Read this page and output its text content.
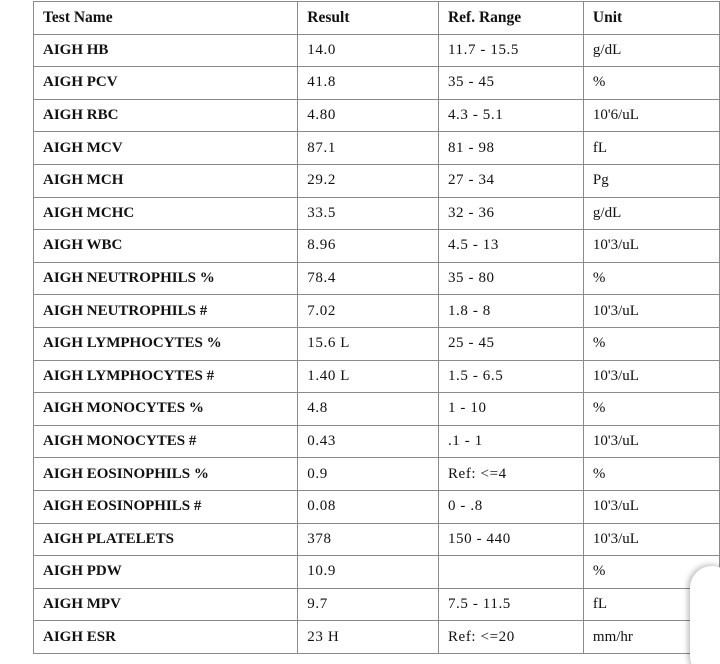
Test Name	Result	Ref. Range	Unit
AIGH HB	14.0	11.7 - 15.5	g/dL
AIGH PCV	41.8	35 - 45	%
AIGH RBC	4.80	4.3 - 5.1	10'6/uL
AIGH MCV	87.1	81 - 98	fL
AIGH MCH	29.2	27 - 34	Pg
AIGH MCHC	33.5	32 - 36	g/dL
AIGH WBC	8.96	4.5 - 13	10'3/uL
AIGH NEUTROPHILS %	78.4	35 - 80	%
AIGH NEUTROPHILS #	7.02	1.8 - 8	10'3/uL
AIGH LYMPHOCYTES %	15.6 L	25 - 45	%
AIGH LYMPHOCYTES #	1.40 L	1.5 - 6.5	10'3/uL
AIGH MONOCYTES %	4.8	1 - 10	%
AIGH MONOCYTES #	0.43	.1 - 1	10'3/uL
AIGH EOSINOPHILS %	0.9	Ref: <=4	%
AIGH EOSINOPHILS #	0.08	0 - .8	10'3/uL
AIGH PLATELETS	378	150 - 440	10'3/uL
AIGH PDW	10.9		%
AIGH MPV	9.7	7.5 - 11.5	fL
AIGH ESR	23 H	Ref: <=20	mm/hr
